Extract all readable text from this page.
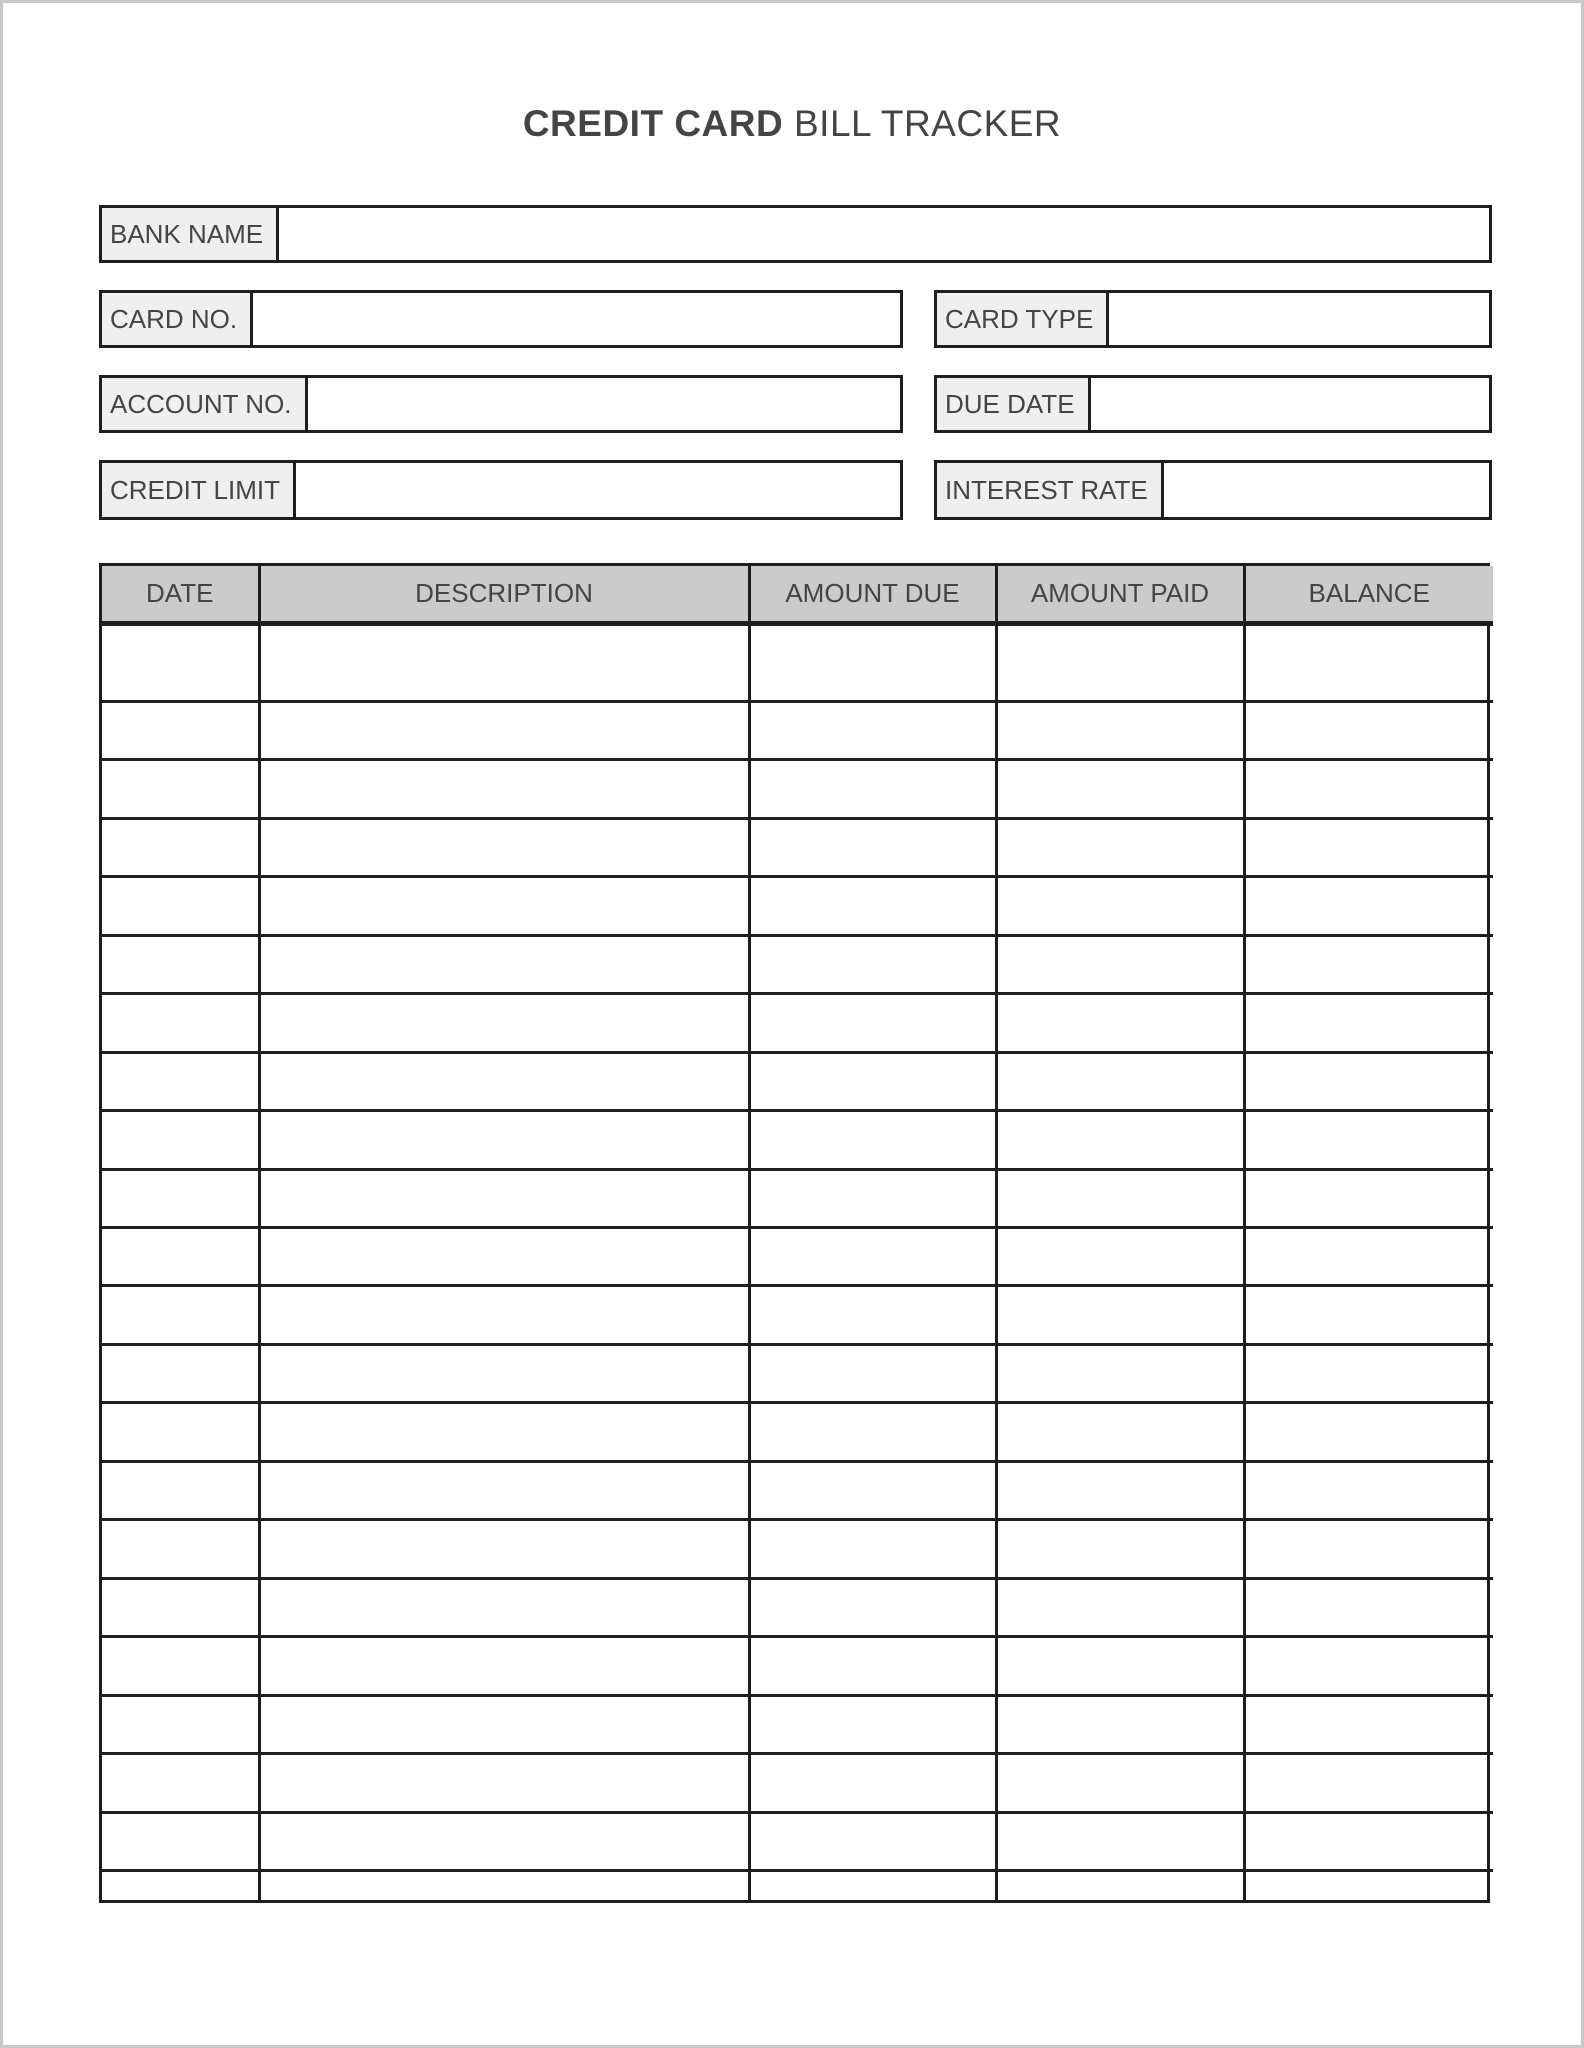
CREDIT CARD BILL TRACKER
BANK NAME
CARD NO.	CARD TYPE
ACCOUNT NO.	DUE DATE
CREDIT LIMIT	INTEREST RATE
DATE	DESCRIPTION	AMOUNT DUE	AMOUNT PAID	BALANCE
